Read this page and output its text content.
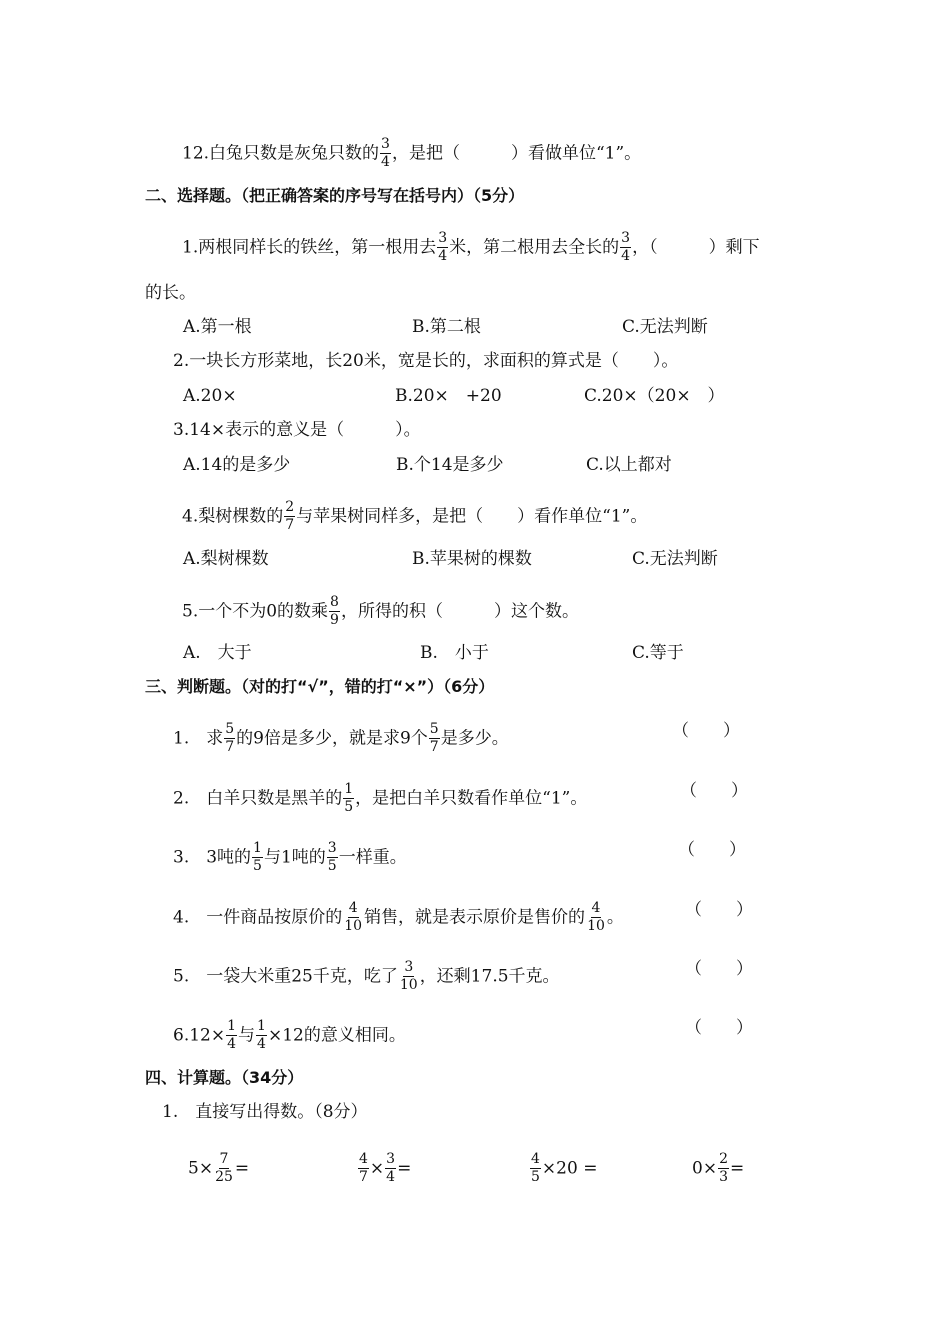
12.白兔只数是灰兔只数的 $\frac{3}{4}$ ，是把（　　　）看做单位“1”。
二、选择题。（把正确答案的序号写在括号内）（5分）
1.两根同样长的铁丝，第一根用去 $\frac{3}{4}$ 米，第二根用去全长的 $\frac{3}{4}$ ，（　　　）剩下
的长。
A.第一根	B.第二根	C.无法判断
2.一块长方形菜地，长20米，宽是长的，求面积的算式是（　　）。
A.20×	B.20×　+20	C.20×（20×　）
3.14×表示的意义是（　　　）。
A.14的是多少	B.个14是多少	C.以上都对
4.梨树棵数的 $\frac{2}{7}$ 与苹果树同样多，是把（　　）看作单位“1”。
A.梨树棵数	B.苹果树的棵数	C.无法判断
5.一个不为0的数乘 $\frac{8}{9}$ ，所得的积（　　　）这个数。
A.　大于	B.　小于	C.等于
三、判断题。（对的打“√”，错的打“×”）（6分）
1.　求 $\frac{5}{7}$ 的9倍是多少，就是求9个 $\frac{5}{7}$ 是多少。	（　　）
2.　白羊只数是黑羊的 $\frac{1}{5}$ ，是把白羊只数看作单位“1”。	（　　）
3.　3吨的 $\frac{1}{5}$ 与1吨的 $\frac{3}{5}$ 一样重。	（　　）
4.　一件商品按原价的 $\frac{4}{10}$ 销售，就是表示原价是售价的 $\frac{4}{10}$ 。	（　　）
5.　一袋大米重25千克，吃了 $\frac{3}{10}$ ，还剩17.5千克。	（　　）
$6.12\times \frac{1}{4}$ 与 $\frac{1}{4} \times 12$的意义相同。	（　　）
四、计算题。（34分）
1.　直接写出得数。（8分）
$5\times \frac{7}{25}$ =	$\frac{4}{7} \times \frac{3}{4}$ =	$\frac{4}{5} \times 20$ =	$0\times \frac{2}{3}$ =
